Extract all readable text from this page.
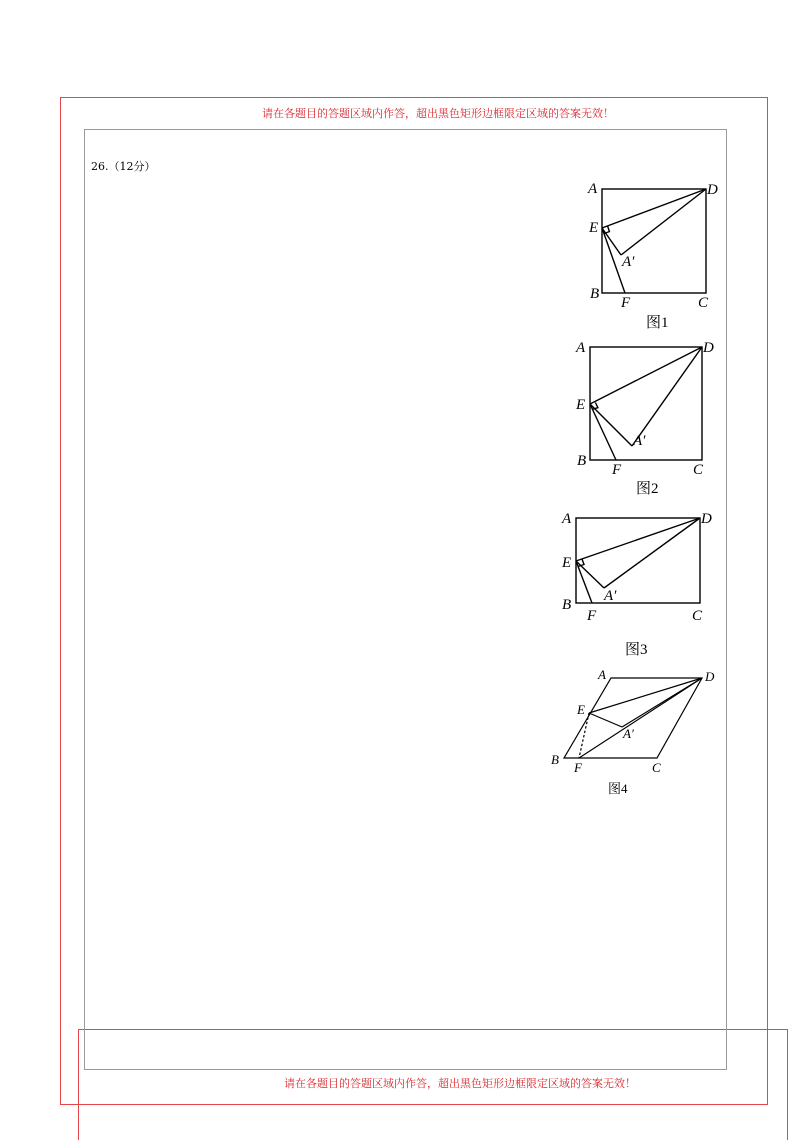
请在各题目的答题区域内作答，超出黑色矩形边框限定区域的答案无效！
请在各题目的答题区域内作答，超出黑色矩形边框限定区域的答案无效！
26.（12分）
A	D
E
A′
B
F	C
图1
A	D
E
A′
B
F	C
图2
A	D
E
A′
B
F	C
图3
A	D
E
A′
B
F	C
图4
